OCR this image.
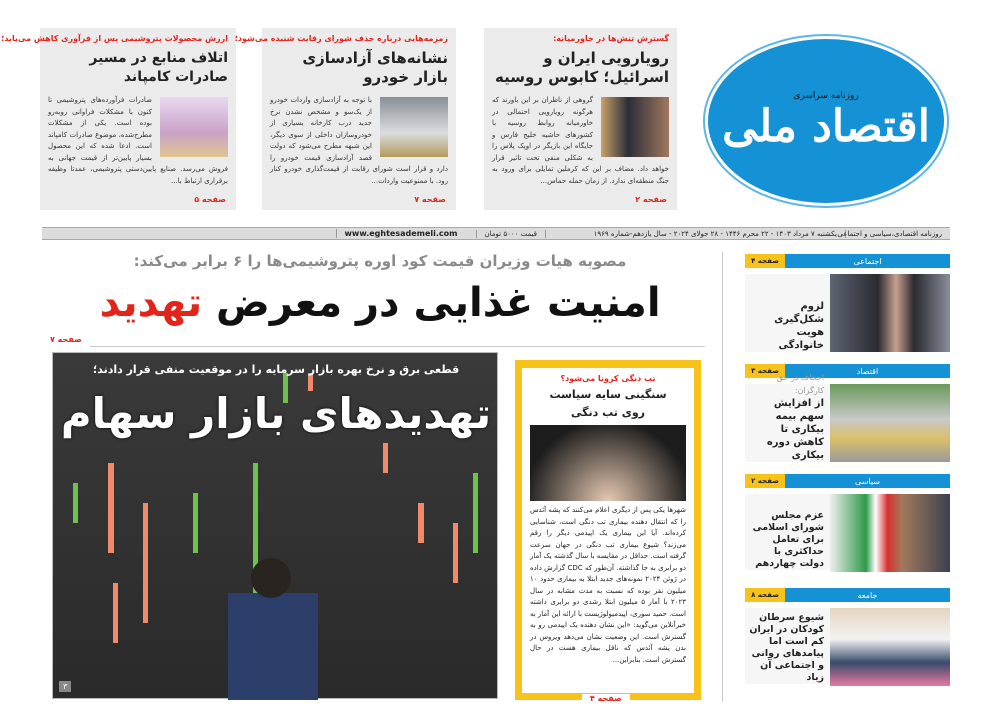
ارزش محصولات پتروشیمی پس از فرآوری کاهش می‌یابد؛
اتلاف منابع در مسیر صادرات کامپاند
صادرات فرآورده‌های پتروشیمی تا کنون با مشکلات فراوانی روبه‌رو بوده است. یکی از مشکلات مطرح‌شده، موضوع صادرات کامپاند است. ادعا شده که این محصول بسیار پایین‌تر از قیمت جهانی به فروش می‌رسد. صنایع پایین‌دستی پتروشیمی، عمدتا وظیفه برقراری ارتباط با...
صفحه ۵
زمزمه‌هایی درباره حذف شورای رقابت شنیده می‌شود؛
نشانه‌های آزادسازی بازار خودرو
با توجه به آزادسازی واردات خودرو از یک‌سو و مشخص نشدن نرخ جدید درب کارخانه بسیاری از خودروسازان داخلی از سوی دیگر، این شبهه مطرح می‌شود که دولت قصد آزادسازی قیمت خودرو را دارد و قرار است شورای رقابت از قیمت‌گذاری خودرو کنار رود. با ممنوعیت واردات...
صفحه ۷
گسترش تنش‌ها در خاورمیانه:
رویارویی ایران و اسرائیل؛ کابوس روسیه
گروهی از ناظران بر این باورند که هرگونه رویارویی احتمالی در خاورمیانه روابط روسیه با کشورهای حاشیه خلیج فارس و جایگاه این بازیگر در اوپک پلاس را به شکلی منفی تحت تاثیر قرار خواهد داد. مضاف بر این که کرملین تمایلی برای ورود به جنگ منطقه‌ای ندارد. از زمان حمله حماس...
صفحه ۲
روزنامه سراسری
اقتصاد ملی
روزنامه اقتصادی،سیاسی و اجتماعی
یکشنبه ۷ مرداد ۱۴۰۳ - ۲۲ محرم ۱۴۴۶ - ۲۸ جولای ۲۰۲۴ - سال یازدهم-شماره ۱۹۶۹
قیمت ۵۰۰۰ تومان
www.eghtesademeli.com
مصوبه هیات وزیران قیمت کود اوره پتروشیمی‌ها را ۶ برابر می‌کند:
امنیت غذایی در معرض تهدید
صفحه ۷
قطعی برق و نرخ بهره بازار سرمایه را در موقعیت منفی قرار دادند؛
تهدیدهای بازار سهام
۳
تب دنگی کرونا می‌شود؟
سنگینی سایه سیاست روی تب دنگی
شهرها یکی پس از دیگری اعلام می‌کنند که پشه آئدس را که انتقال دهنده بیماری تب دنگی است، شناسایی کرده‌اند. آیا این بیماری یک اپیدمی دیگر را رقم می‌زند؟ شیوع بیماری تب دنگی در جهان سرعت گرفته است. حداقل در مقایسه با سال گذشته یک آمار دو برابری به جا گذاشته. آن‌طور که CDC گزارش داده در ژوئن ۲۰۲۴ نمونه‌های جدید ابتلا به بیماری حدود ۱۰ میلیون نفر بوده که نسبت به مدت مشابه در سال ۲۰۲۳ با آمار ۵ میلیون ابتلا رشدی دو برابری داشته است. حمید سوری، اپیدمیولوژیست با ارائه این آمار به خبرآنلاین می‌گوید: «این نشان دهنده یک اپیدمی رو به گسترش است. این وضعیت نشان می‌دهد ویروس در بدن پشه آئدس که ناقل بیماری هست در حال گسترش است. بنابراین...
صفحه ۴
اجتماعی
صفحه ۴
لزوم شکل‌گیری هویت خانوادگی
اقتصاد
صفحه ۳
اجحاف در حق کارگران:
از افزایش سهم بیمه بیکاری تا کاهش دوره بیکاری
سیاسی
صفحه ۲
عزم مجلس شورای اسلامی برای تعامل حداکثری با دولت چهاردهم
جامعه
صفحه ۸
شیوع سرطان کودکان در ایران کم است اما پیامدهای روانی و اجتماعی آن زیاد
